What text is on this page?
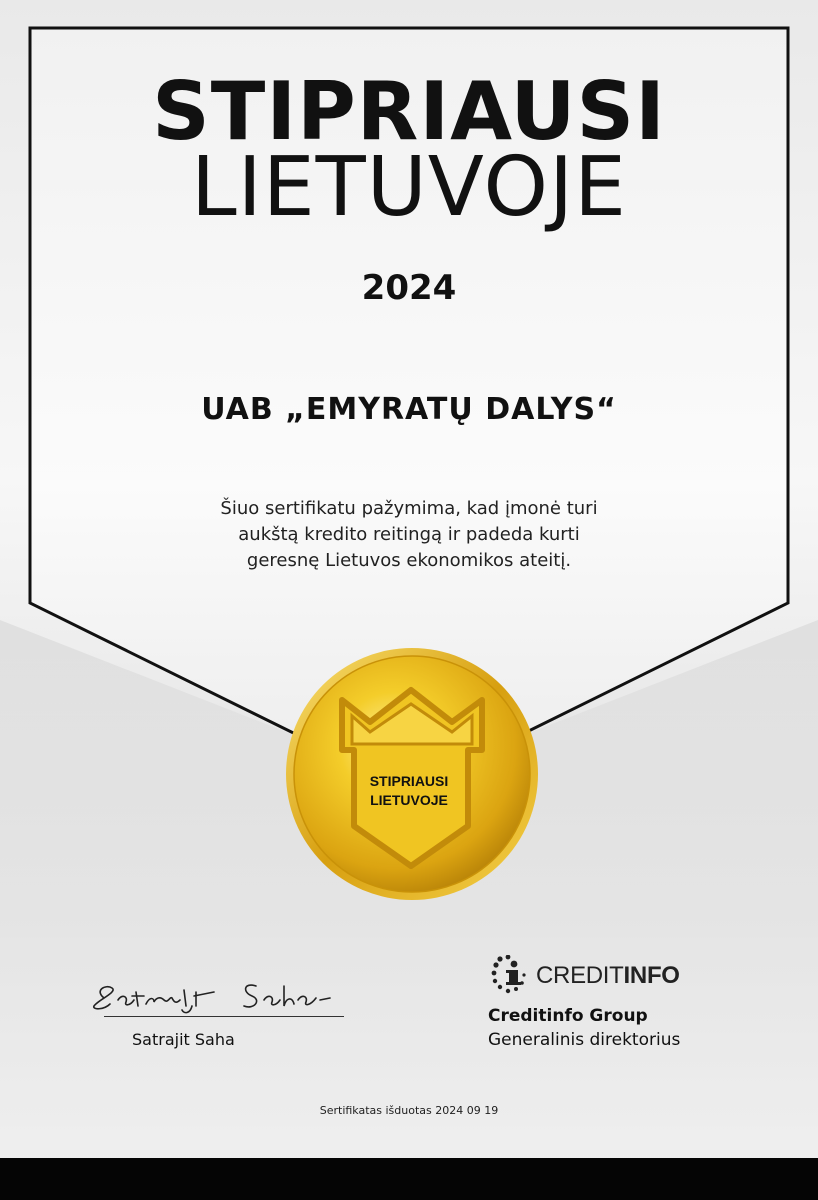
STIPRIAUSI
LIETUVOJE
2024
UAB „EMYRATŲ DALYS“
Šiuo sertifikatu pažymima, kad įmonė turi aukštą kredito reitingą ir padeda kurti geresnę Lietuvos ekonomikos ateitį.
STIPRIAUSI
LIETUVOJE
Satrajit Saha
CREDITINFO
Creditinfo Group
Generalinis direktorius
Sertifikatas išduotas 2024 09 19
